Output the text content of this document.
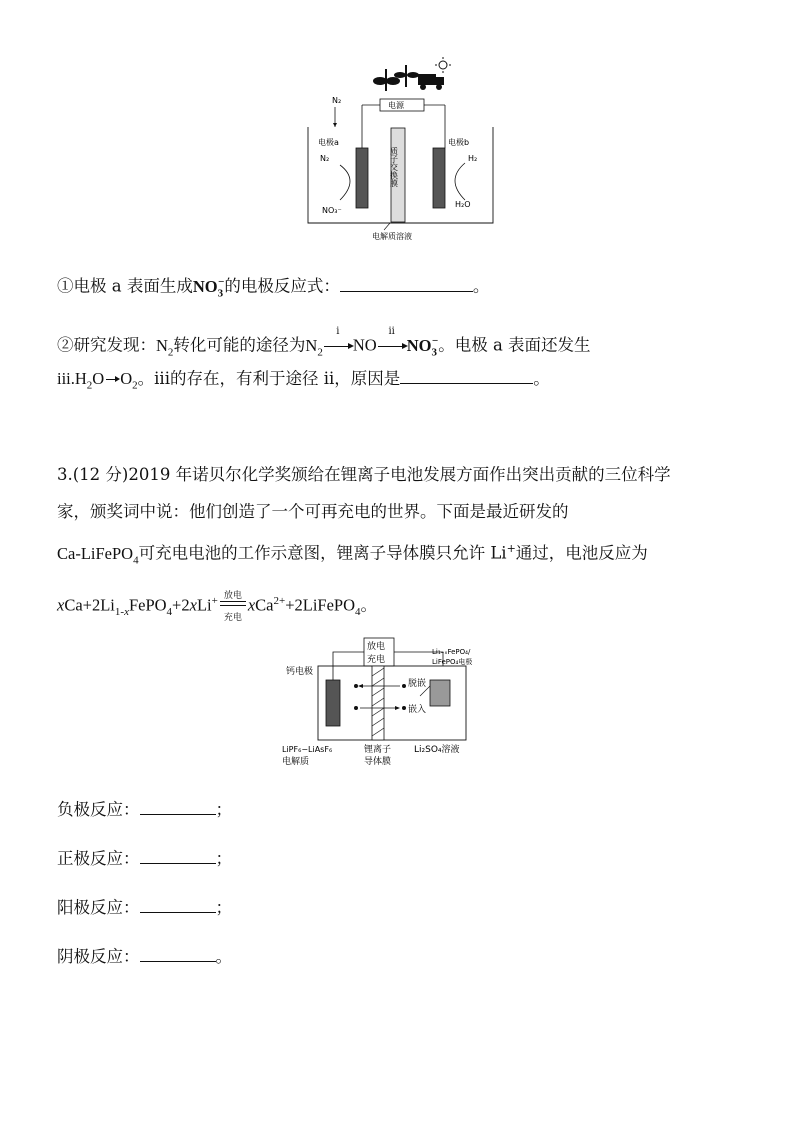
N₂
电源
质子交换膜
电极a	电极b
N₂
NO₃⁻
H₂
H₂O
电解质溶液
①电极 a 表面生成$NO_3^-$的电极反应式：	。
②研究发现：$N_2$转化可能的途径为$N_2$
i
NO
ii
$NO_3^-$。电极 a 表面还发生
$iii.H_2O$ $O_2$。iii的存在，有利于途径 ii，原因是	。
3.(12 分)2019 年诺贝尔化学奖颁给在锂离子电池发展方面作出突出贡献的三位科学
家，颁奖词中说：他们创造了一个可再充电的世界。下面是最近研发的
Ca-LiFePO$_4$可充电电池的工作示意图，锂离子导体膜只允许 Li+通过，电池反应为
$xCa+2Li_{1-x}FePO_4+2xLi^+$
放电
充电
xCa$^{2+}$+2LiFePO$_4$。
放电
充电
钙电极
Li₁₋ₓFePO₄/
LiFePO₄电极
脱嵌
嵌入
LiPF₆−LiAsF₆
电解质
锂离子
导体膜
Li₂SO₄溶液
负极反应：	；
正极反应：	；
阳极反应：	；
阴极反应：	。
